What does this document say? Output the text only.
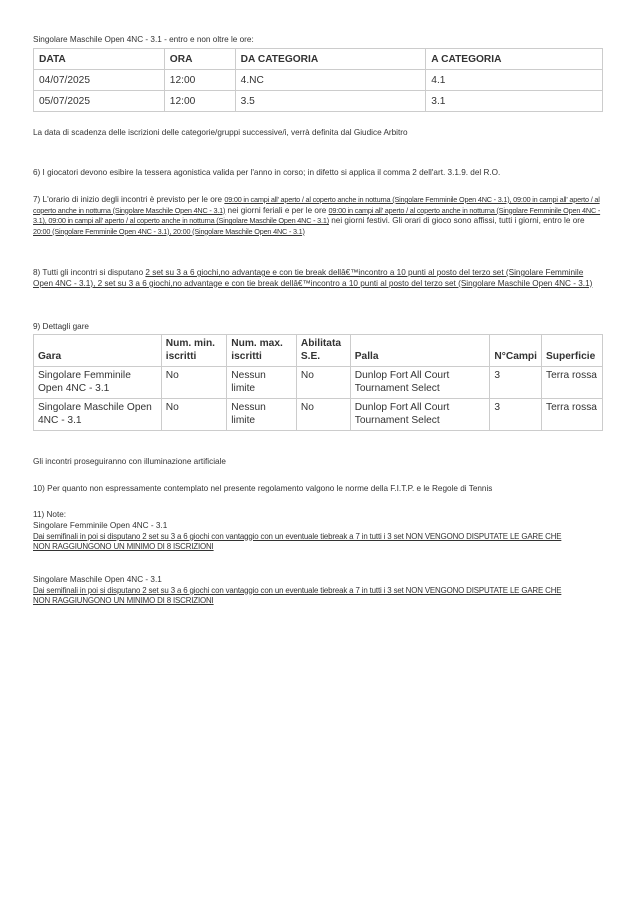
Singolare Maschile Open 4NC - 3.1 - entro e non oltre le ore:
DATA	ORA	DA CATEGORIA	A CATEGORIA
04/07/2025	12:00	4.NC	4.1
05/07/2025	12:00	3.5	3.1
La data di scadenza delle iscrizioni delle categorie/gruppi successive/i, verrà definita dal Giudice Arbitro
6) I giocatori devono esibire la tessera agonistica valida per l'anno in corso; in difetto si applica il comma 2 dell'art. 3.1.9. del R.O.

7) L'orario di inizio degli incontri è previsto per le ore 09:00 in campi all' aperto / al coperto anche in notturna (Singolare Femminile Open 4NC - 3.1), 09:00 in campi all' aperto / al coperto anche in notturna (Singolare Maschile Open 4NC - 3.1) nei giorni feriali e per le ore 09:00 in campi all' aperto / al coperto anche in notturna (Singolare Femminile Open 4NC - 3.1), 09:00 in campi all' aperto / al coperto anche in notturna (Singolare Maschile Open 4NC - 3.1) nei giorni festivi. Gli orari di gioco sono affissi, tutti i giorni, entro le ore 20:00 (Singolare Femminile Open 4NC - 3.1), 20:00 (Singolare Maschile Open 4NC - 3.1)

8) Tutti gli incontri si disputano 2 set su 3 a 6 giochi,no advantage e con tie break dellâ€™incontro a 10 punti al posto del terzo set (Singolare Femminile Open 4NC - 3.1), 2 set su 3 a 6 giochi,no advantage e con tie break dellâ€™incontro a 10 punti al posto del terzo set (Singolare Maschile Open 4NC - 3.1)

9) Dettagli gare
Gara	Num. min. iscritti	Num. max. iscritti	Abilitata S.E.	Palla	N°Campi	Superficie
Singolare Femminile Open 4NC - 3.1	No	Nessun limite	No	Dunlop Fort All Court Tournament Select	3	Terra rossa
Singolare Maschile Open 4NC - 3.1	No	Nessun limite	No	Dunlop Fort All Court Tournament Select	3	Terra rossa
Gli incontri proseguiranno con illuminazione artificiale
10) Per quanto non espressamente contemplato nel presente regolamento valgono le norme della F.I.T.P. e le Regole di Tennis
11) Note:
Singolare Femminile Open 4NC - 3.1
Dai semifinali in poi si disputano 2 set su 3 a 6 giochi con vantaggio con un eventuale tiebreak a 7 in tutti i 3 set NON VENGONO DISPUTATE LE GARE CHE NON RAGGIUNGONO UN MINIMO DI 8 ISCRIZIONI
Singolare Maschile Open 4NC - 3.1
Dai semifinali in poi si disputano 2 set su 3 a 6 giochi con vantaggio con un eventuale tiebreak a 7 in tutti i 3 set NON VENGONO DISPUTATE LE GARE CHE NON RAGGIUNGONO UN MINIMO DI 8 ISCRIZIONI
